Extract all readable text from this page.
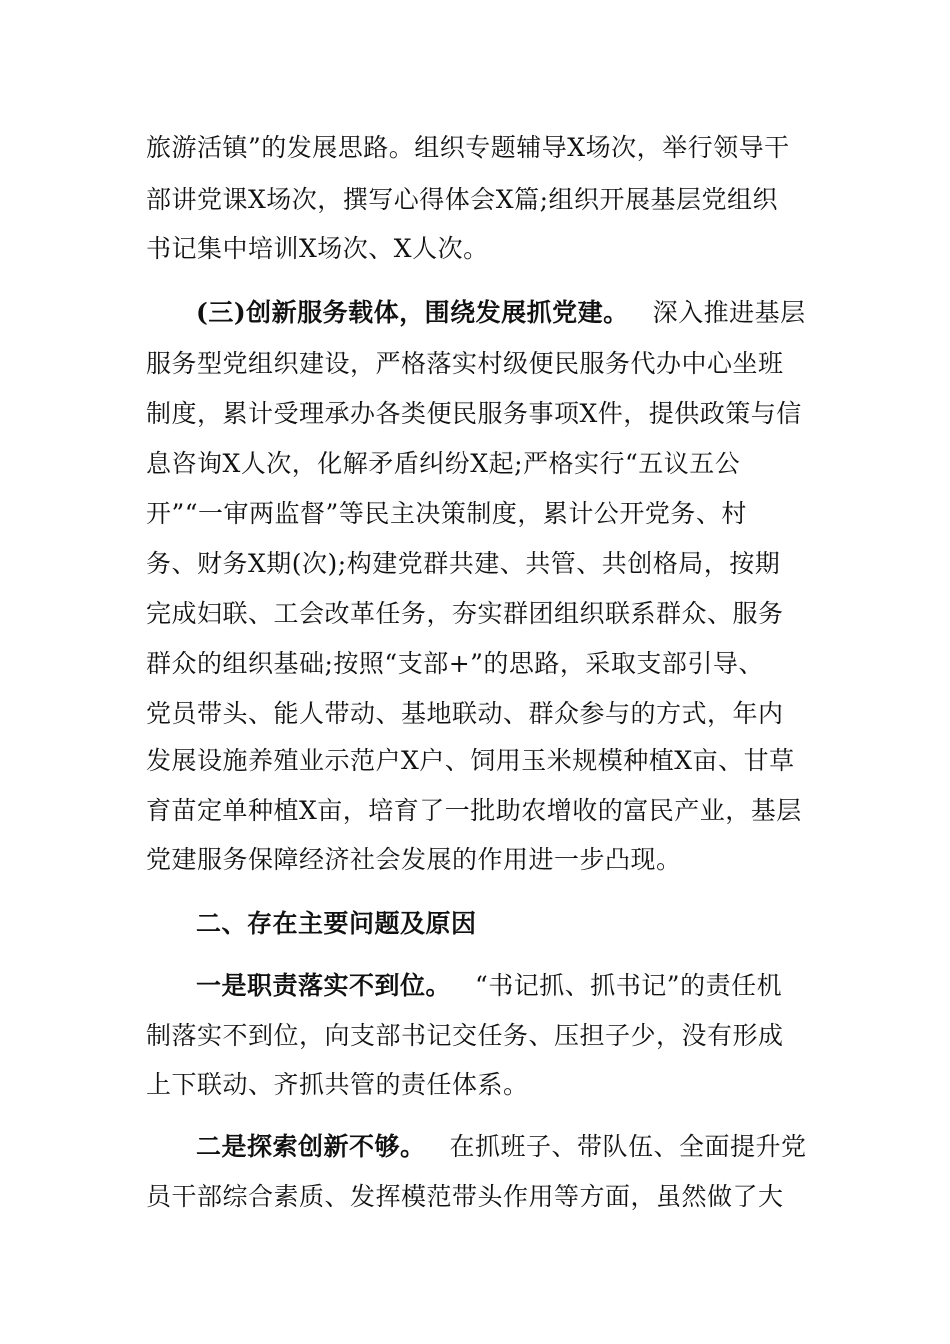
旅游活镇”的发展思路。组织专题辅导X场次，举行领导干
部讲党课X场次，撰写心得体会X篇;组织开展基层党组织
书记集中培训X场次、X人次。
(三)创新服务载体，围绕发展抓党建。 深入推进基层
服务型党组织建设，严格落实村级便民服务代办中心坐班
制度，累计受理承办各类便民服务事项X件，提供政策与信
息咨询X人次，化解矛盾纠纷X起;严格实行“五议五公
开”“一审两监督”等民主决策制度，累计公开党务、村
务、财务X期(次);构建党群共建、共管、共创格局，按期
完成妇联、工会改革任务，夯实群团组织联系群众、服务
群众的组织基础;按照“支部+”的思路，采取支部引导、
党员带头、能人带动、基地联动、群众参与的方式，年内
发展设施养殖业示范户X户、饲用玉米规模种植X亩、甘草
育苗定单种植X亩，培育了一批助农增收的富民产业，基层
党建服务保障经济社会发展的作用进一步凸现。
二、存在主要问题及原因
一是职责落实不到位。 “书记抓、抓书记”的责任机
制落实不到位，向支部书记交任务、压担子少，没有形成
上下联动、齐抓共管的责任体系。
二是探索创新不够。 在抓班子、带队伍、全面提升党
员干部综合素质、发挥模范带头作用等方面，虽然做了大
